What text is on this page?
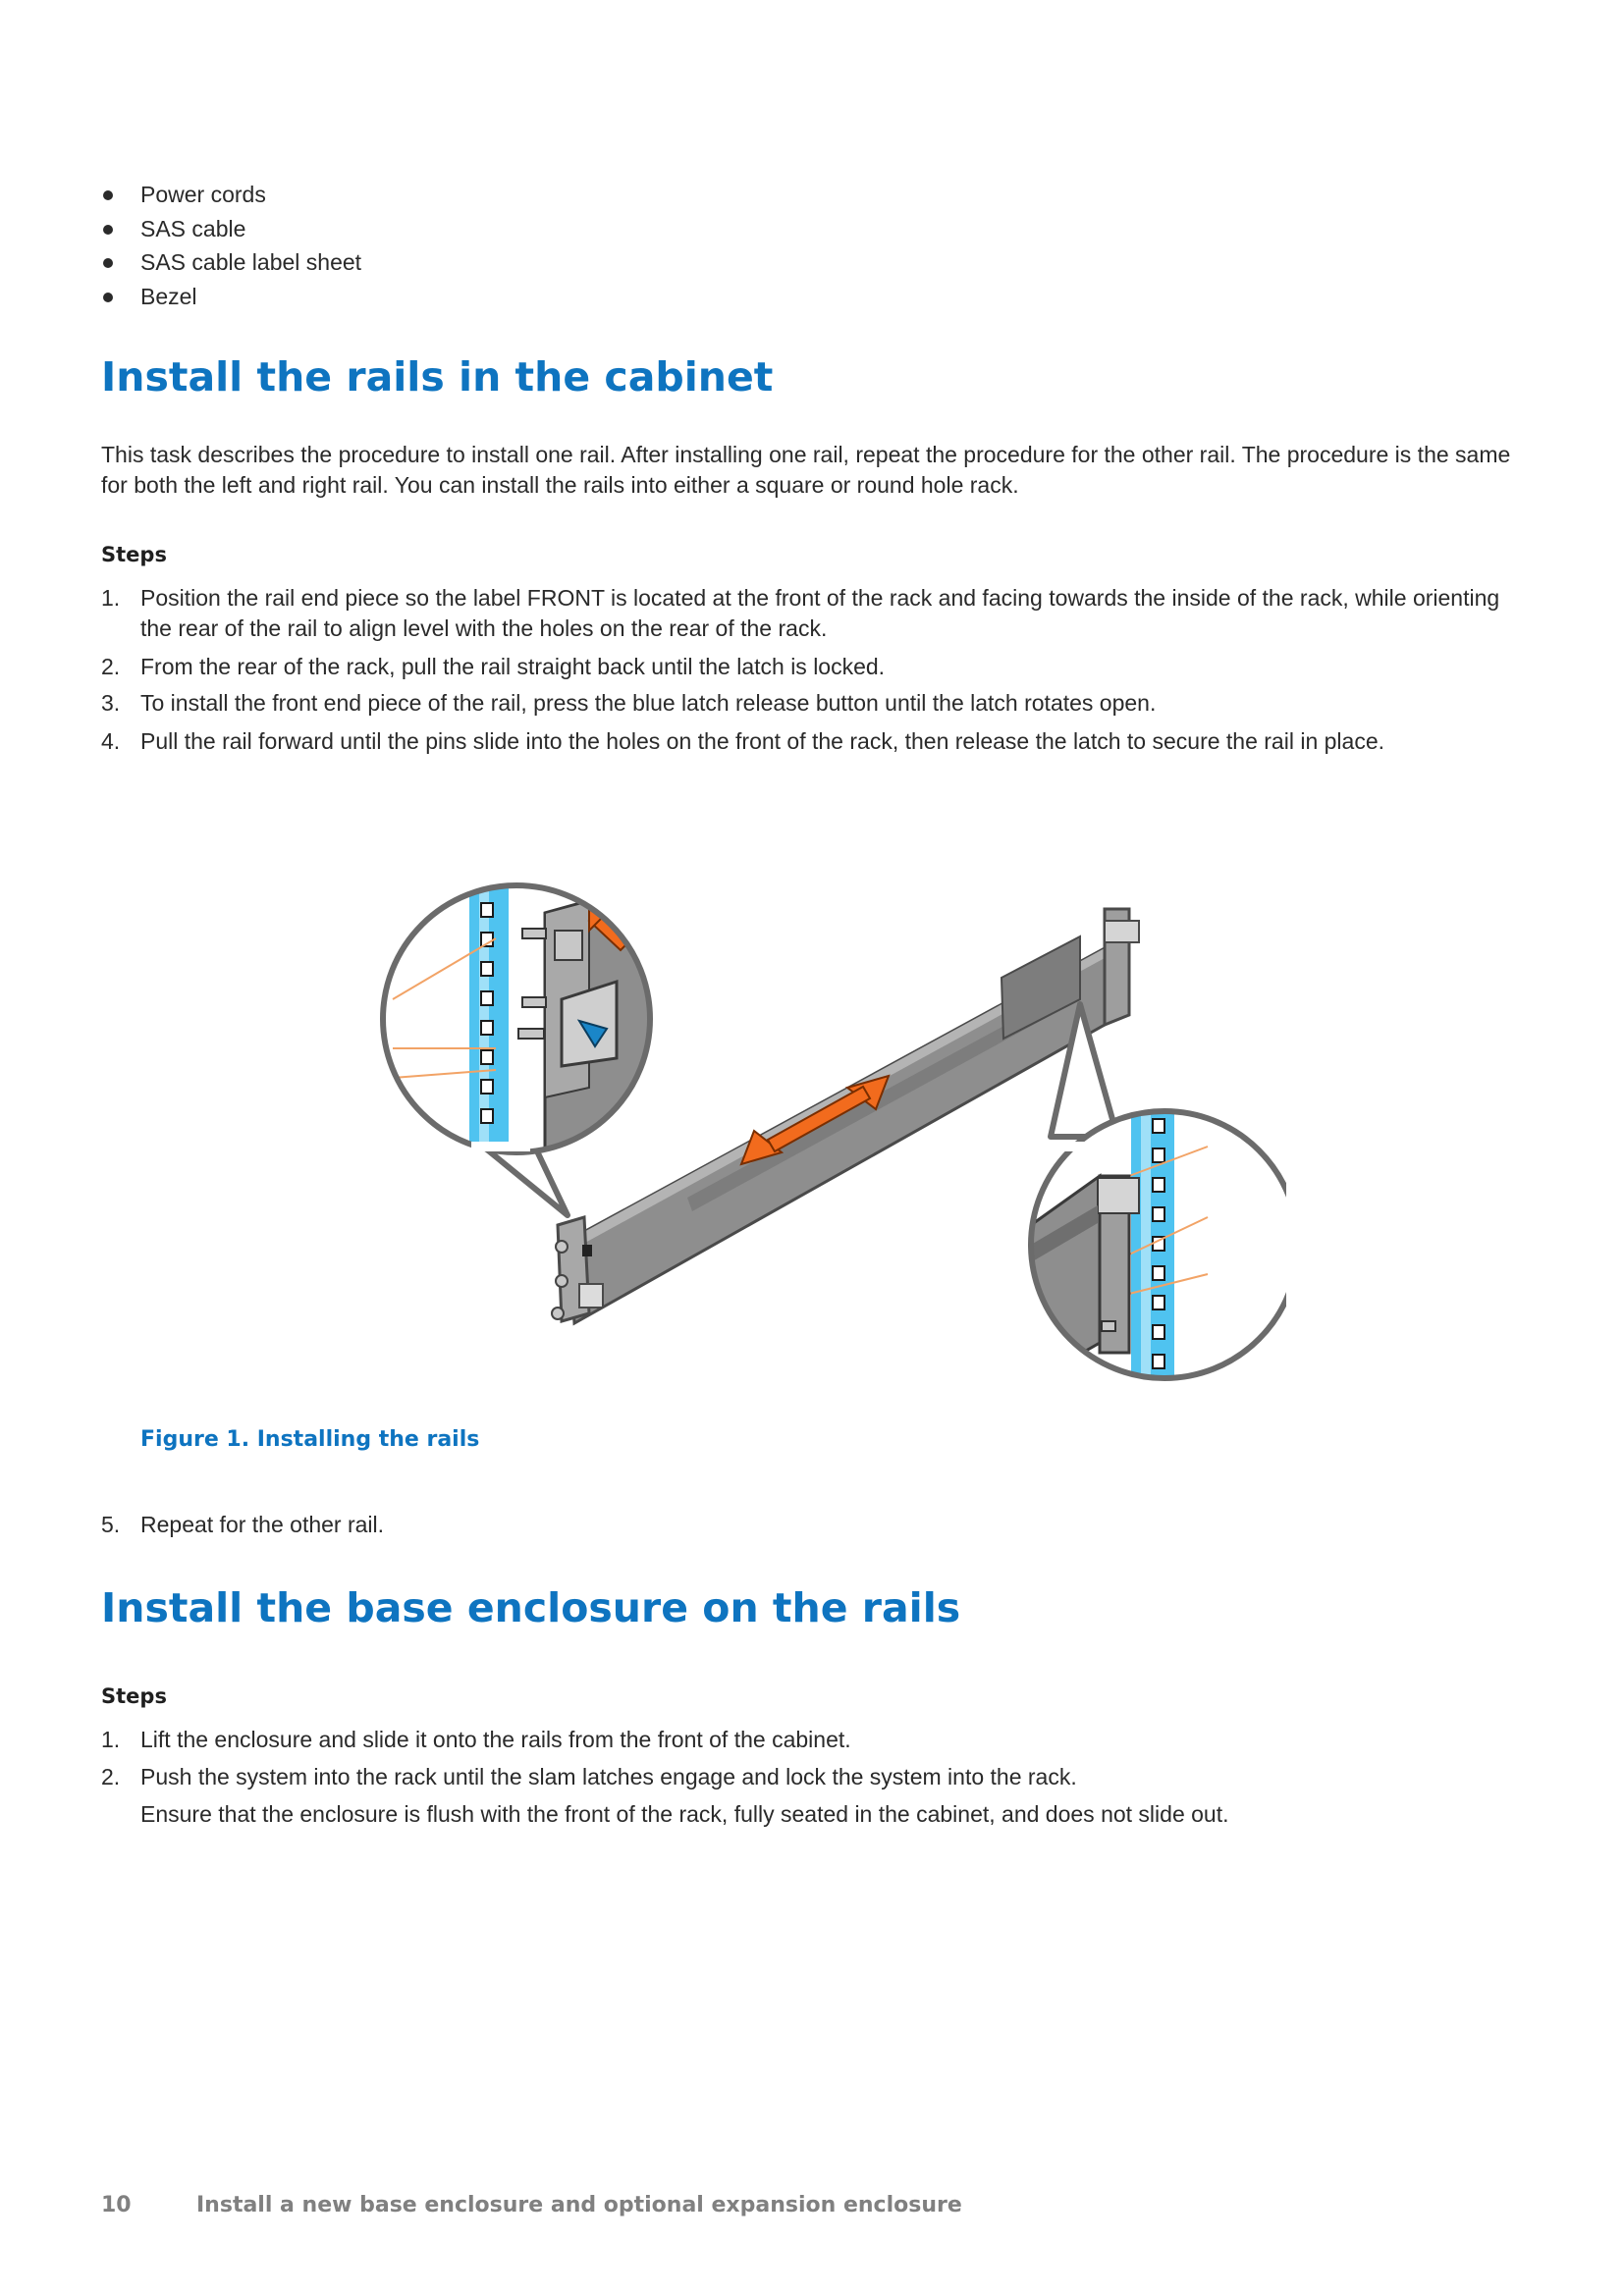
Power cords
SAS cable
SAS cable label sheet
Bezel
Install the rails in the cabinet

This task describes the procedure to install one rail. After installing one rail, repeat the procedure for the other rail. The procedure is the same for both the left and right rail. You can install the rails into either a square or round hole rack.

Steps
1. Position the rail end piece so the label FRONT is located at the front of the rack and facing towards the inside of the rack, while orienting the rear of the rail to align level with the holes on the rear of the rack.
2. From the rear of the rack, pull the rail straight back until the latch is locked.
3. To install the front end piece of the rail, press the blue latch release button until the latch rotates open.
4. Pull the rail forward until the pins slide into the holes on the front of the rack, then release the latch to secure the rail in place.
Figure 1. Installing the rails
5. Repeat for the other rail.
Install the base enclosure on the rails
Steps
1. Lift the enclosure and slide it onto the rails from the front of the cabinet.
2. Push the system into the rack until the slam latches engage and lock the system into the rack.
Ensure that the enclosure is flush with the front of the rack, fully seated in the cabinet, and does not slide out.
10	Install a new base enclosure and optional expansion enclosure
